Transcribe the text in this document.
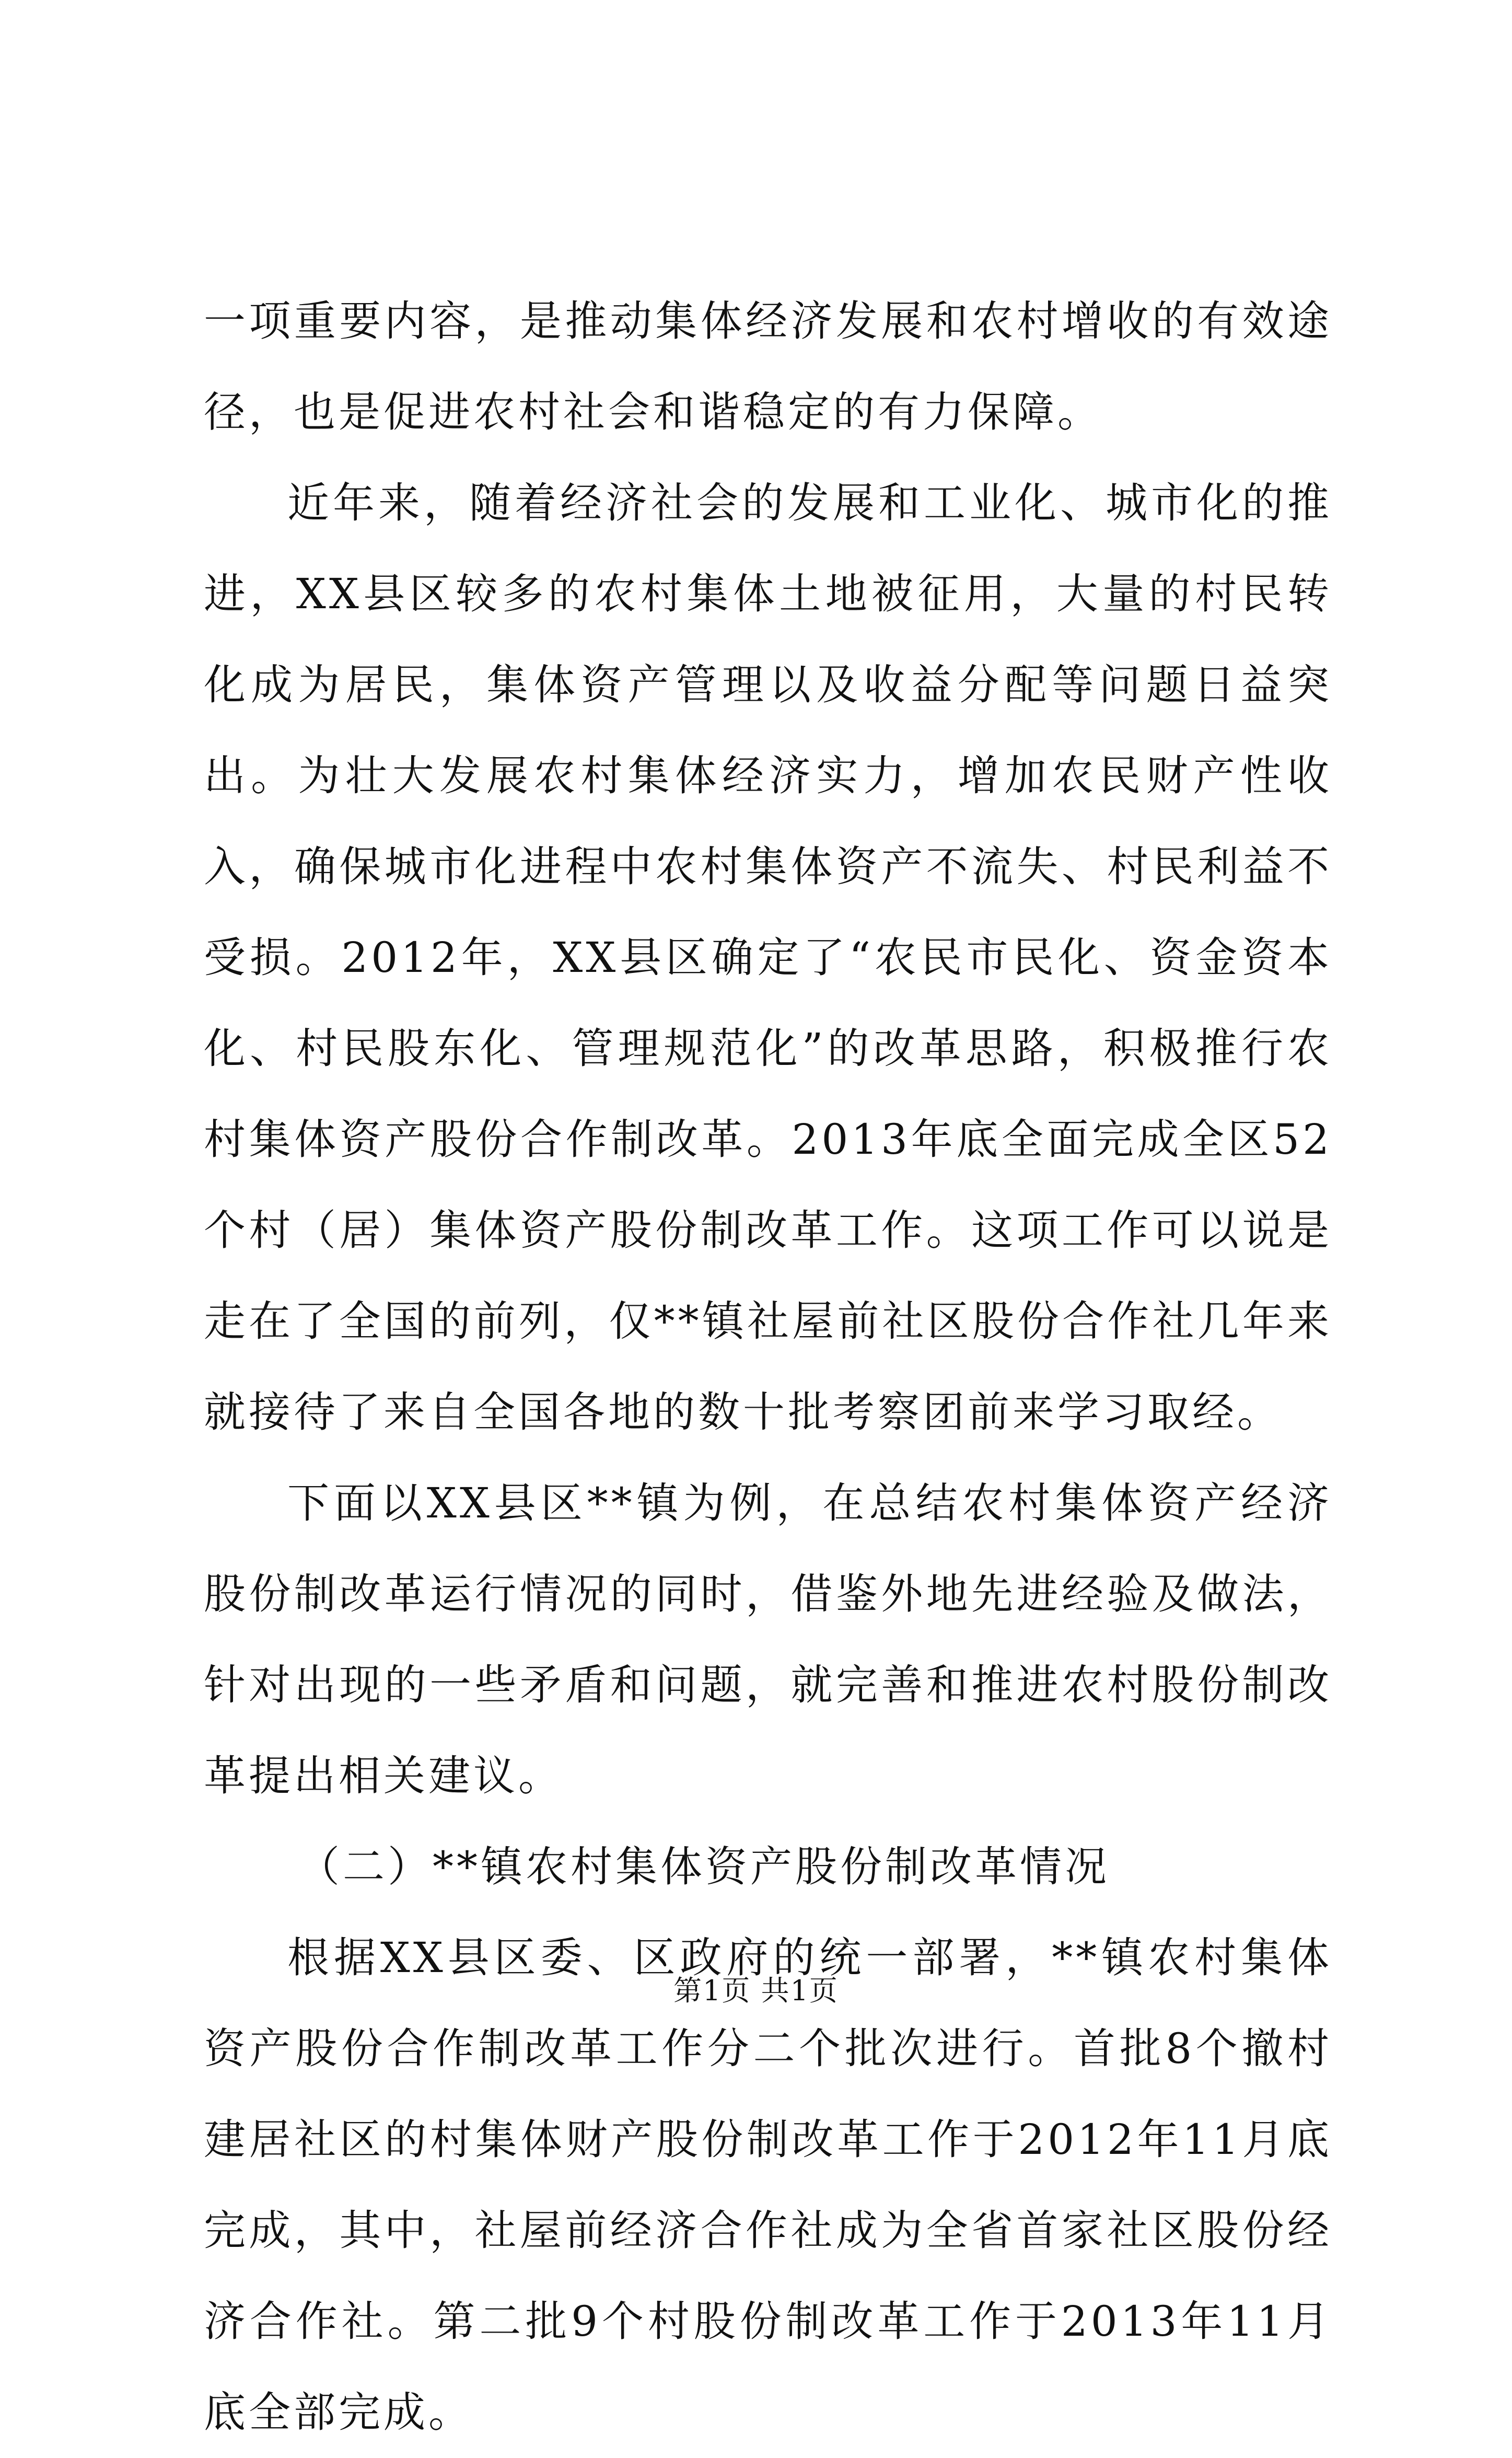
一项重要内容，是推动集体经济发展和农村增收的有效途径，也是促进农村社会和谐稳定的有力保障。

近年来，随着经济社会的发展和工业化、城市化的推进，XX县区较多的农村集体土地被征用，大量的村民转化成为居民，集体资产管理以及收益分配等问题日益突出。为壮大发展农村集体经济实力，增加农民财产性收入，确保城市化进程中农村集体资产不流失、村民利益不受损。2012年，XX县区确定了“农民市民化、资金资本化、村民股东化、管理规范化”的改革思路，积极推行农村集体资产股份合作制改革。2013年底全面完成全区52个村（居）集体资产股份制改革工作。这项工作可以说是走在了全国的前列，仅**镇社屋前社区股份合作社几年来就接待了来自全国各地的数十批考察团前来学习取经。

下面以XX县区**镇为例，在总结农村集体资产经济股份制改革运行情况的同时，借鉴外地先进经验及做法，针对出现的一些矛盾和问题，就完善和推进农村股份制改革提出相关建议。

（二）**镇农村集体资产股份制改革情况

根据XX县区委、区政府的统一部署，**镇农村集体资产股份合作制改革工作分二个批次进行。首批8个撤村建居社区的村集体财产股份制改革工作于2012年11月底完成，其中，社屋前经济合作社成为全省首家社区股份经济合作社。第二批9个村股份制改革工作于2013年11月底全部完成。

第1页 共1页
